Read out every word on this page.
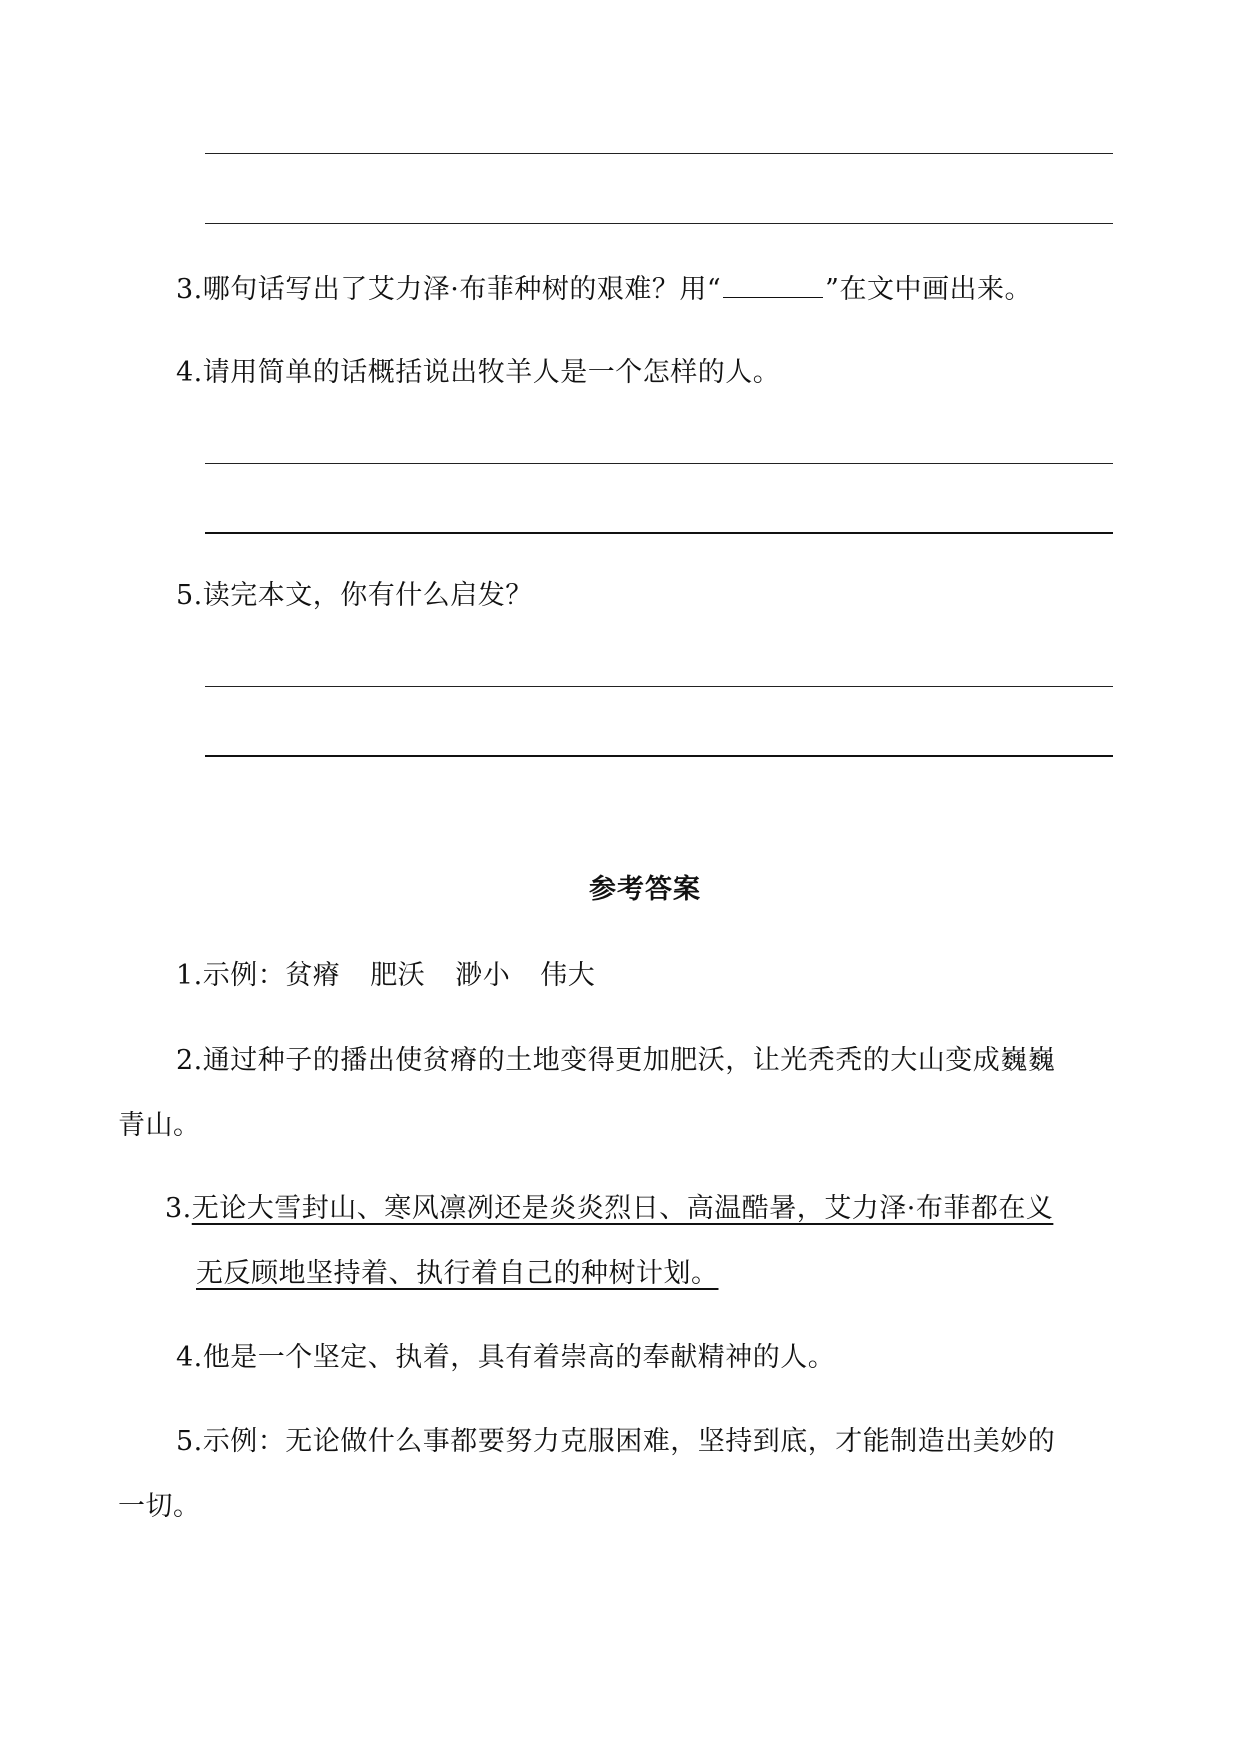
3.哪句话写出了艾力泽·布菲种树的艰难？用“	”在文中画出来。
4.请用简单的话概括说出牧羊人是一个怎样的人。
5.读完本文，你有什么启发？
参考答案
1.示例：贫瘠 肥沃 渺小 伟大
2.通过种子的播出使贫瘠的土地变得更加肥沃，让光秃秃的大山变成巍巍
青山。
3.无论大雪封山、寒风凛冽还是炎炎烈日、高温酷暑，艾力泽·布菲都在义
无反顾地坚持着、执行着自己的种树计划。
4.他是一个坚定、执着，具有着崇高的奉献精神的人。
5.示例：无论做什么事都要努力克服困难，坚持到底，才能制造出美妙的
一切。
